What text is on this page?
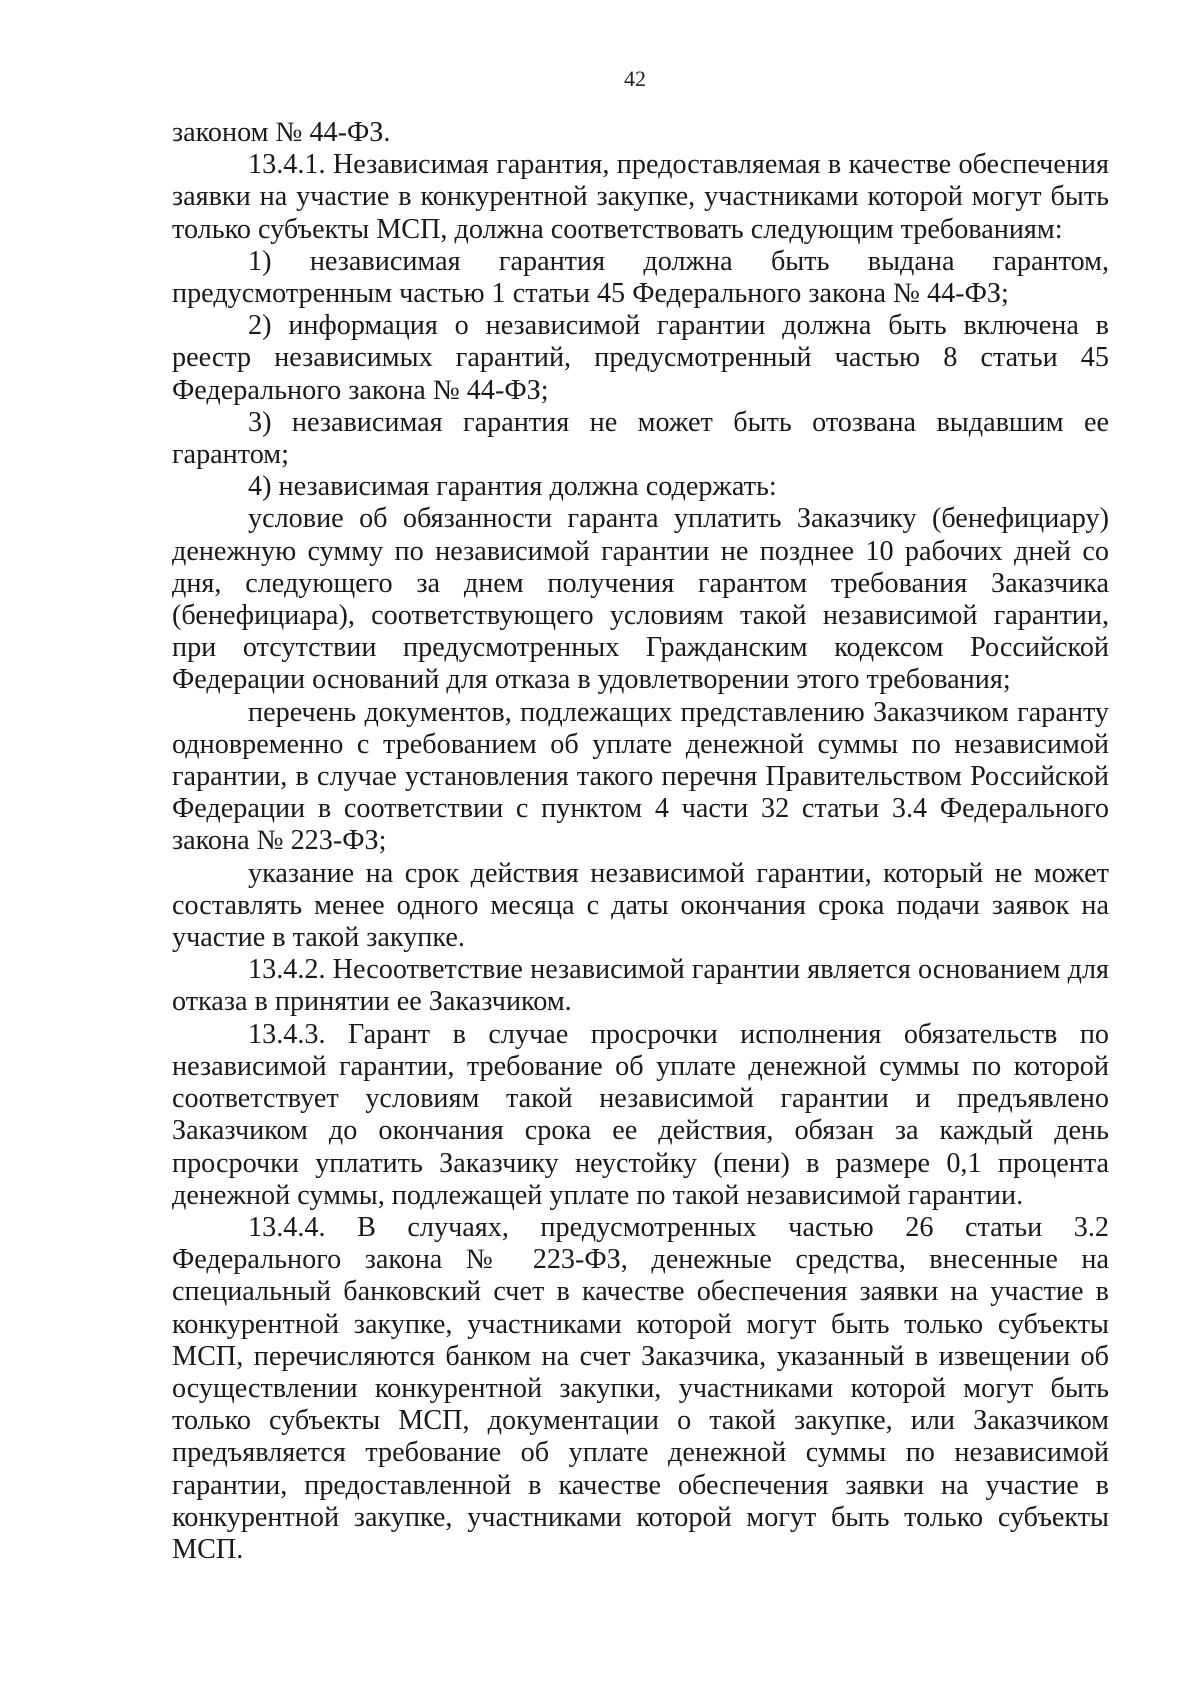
42

законом № 44-ФЗ.

13.4.1. Независимая гарантия, предоставляемая в качестве обеспечения заявки на участие в конкурентной закупке, участниками которой могут быть только субъекты МСП, должна соответствовать следующим требованиям:

1) независимая гарантия должна быть выдана гарантом, предусмотренным частью 1 статьи 45 Федерального закона № 44-ФЗ;

2) информация о независимой гарантии должна быть включена в реестр независимых гарантий, предусмотренный частью 8 статьи 45 Федерального закона № 44-ФЗ;

3) независимая гарантия не может быть отозвана выдавшим ее гарантом;

4) независимая гарантия должна содержать:

условие об обязанности гаранта уплатить Заказчику (бенефициару) денежную сумму по независимой гарантии не позднее 10 рабочих дней со дня, следующего за днем получения гарантом требования Заказчика (бенефициара), соответствующего условиям такой независимой гарантии, при отсутствии предусмотренных Гражданским кодексом Российской Федерации оснований для отказа в удовлетворении этого требования;

перечень документов, подлежащих представлению Заказчиком гаранту одновременно с требованием об уплате денежной суммы по независимой гарантии, в случае установления такого перечня Правительством Российской Федерации в соответствии с пунктом 4 части 32 статьи 3.4 Федерального закона № 223-ФЗ;

указание на срок действия независимой гарантии, который не может составлять менее одного месяца с даты окончания срока подачи заявок на участие в такой закупке.

13.4.2. Несоответствие независимой гарантии является основанием для отказа в принятии ее Заказчиком.

13.4.3. Гарант в случае просрочки исполнения обязательств по независимой гарантии, требование об уплате денежной суммы по которой соответствует условиям такой независимой гарантии и предъявлено Заказчиком до окончания срока ее действия, обязан за каждый день просрочки уплатить Заказчику неустойку (пени) в размере 0,1 процента денежной суммы, подлежащей уплате по такой независимой гарантии.

13.4.4. В случаях, предусмотренных частью 26 статьи 3.2 Федерального закона № 223-ФЗ, денежные средства, внесенные на специальный банковский счет в качестве обеспечения заявки на участие в конкурентной закупке, участниками которой могут быть только субъекты МСП, перечисляются банком на счет Заказчика, указанный в извещении об осуществлении конкурентной закупки, участниками которой могут быть только субъекты МСП, документации о такой закупке, или Заказчиком предъявляется требование об уплате денежной суммы по независимой гарантии, предоставленной в качестве обеспечения заявки на участие в конкурентной закупке, участниками которой могут быть только субъекты МСП.
